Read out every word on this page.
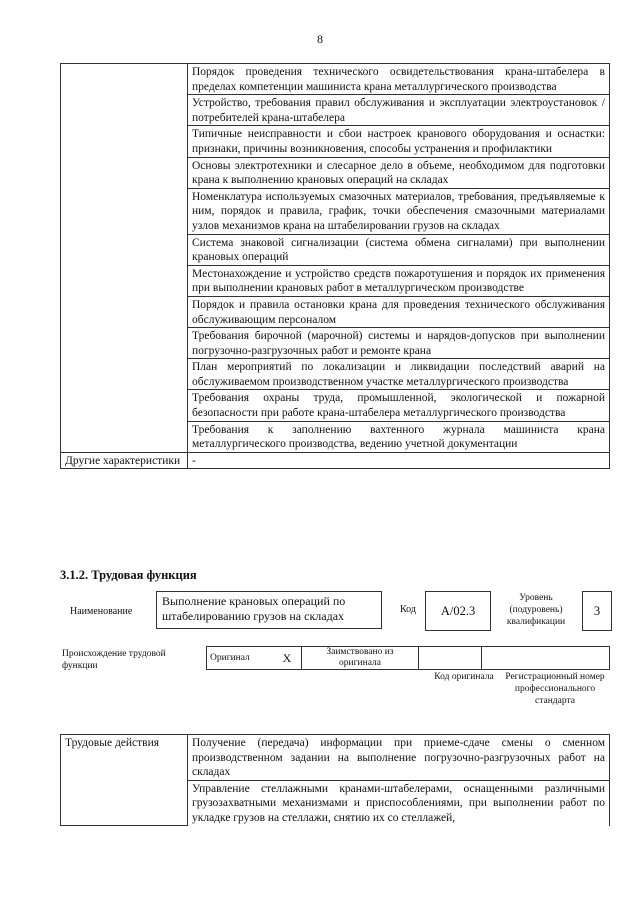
8
	Порядок проведения технического освидетельствования крана-штабелера в пределах компетенции машиниста крана металлургического производства
	Устройство, требования правил обслуживания и эксплуатации электроустановок / потребителей крана-штабелера
	Типичные неисправности и сбои настроек кранового оборудования и оснастки: признаки, причины возникновения, способы устранения и профилактики
	Основы электротехники и слесарное дело в объеме, необходимом для подготовки крана к выполнению крановых операций на складах
	Номенклатура используемых смазочных материалов, требования, предъявляемые к ним, порядок и правила, график, точки обеспечения смазочными материалами узлов механизмов крана на штабелировании грузов на складах
	Система знаковой сигнализации (система обмена сигналами) при выполнении крановых операций
	Местонахождение и устройство средств пожаротушения и порядок их применения при выполнении крановых работ в металлургическом производстве
	Порядок и правила остановки крана для проведения технического обслуживания обслуживающим персоналом
	Требования бирочной (марочной) системы и нарядов-допусков при выполнении погрузочно-разгрузочных работ и ремонте крана
	План мероприятий по локализации и ликвидации последствий аварий на обслуживаемом производственном участке металлургического производства
	Требования охраны труда, промышленной, экологической и пожарной безопасности при работе крана-штабелера металлургического производства
	Требования к заполнению вахтенного журнала машиниста крана металлургического производства, ведению учетной документации
Другие характеристики	-
3.1.2. Трудовая функция
Наименование
Выполнение крановых операций по штабелированию грузов на складах	Код	A/02.3
Уровень (подуровень) квалификации
3
Происхождение трудовой функции
Оригинал	X	Заимствовано из оригинала		
Код оригинала	Регистрационный номер профессионального стандарта
Трудовые действия	Получение (передача) информации при приеме-сдаче смены о сменном производственном задании на выполнение погрузочно-разгрузочных работ на складах
Управление стеллажными кранами-штабелерами, оснащенными различными грузозахватными механизмами и приспособлениями, при выполнении работ по укладке грузов на стеллажи, снятию их со стеллажей,
